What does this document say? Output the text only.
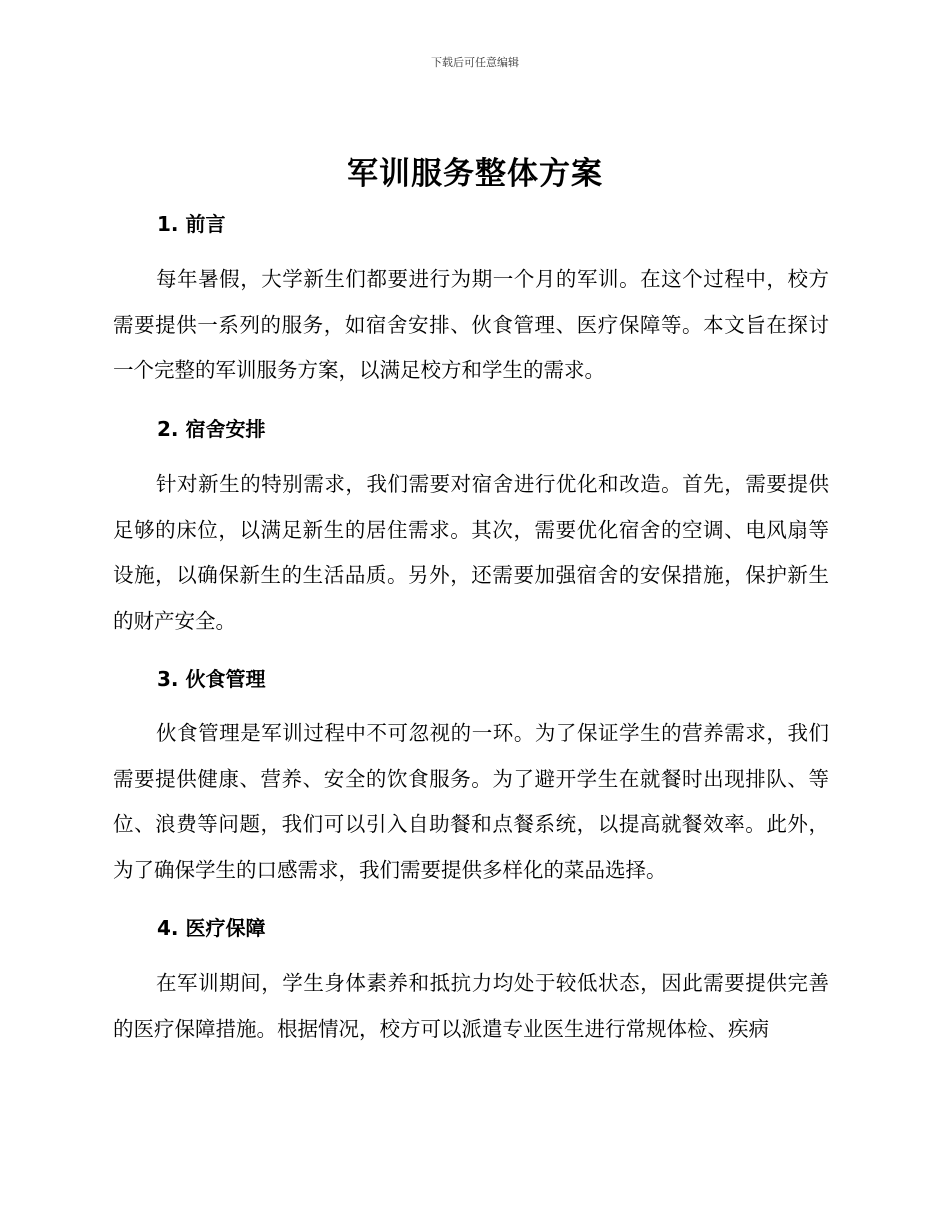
下载后可任意编辑
军训服务整体方案
1. 前言

每年暑假，大学新生们都要进行为期一个月的军训。在这个过程中，校方需要提供一系列的服务，如宿舍安排、伙食管理、医疗保障等。本文旨在探讨一个完整的军训服务方案，以满足校方和学生的需求。

2. 宿舍安排

针对新生的特别需求，我们需要对宿舍进行优化和改造。首先，需要提供足够的床位，以满足新生的居住需求。其次，需要优化宿舍的空调、电风扇等设施，以确保新生的生活品质。另外，还需要加强宿舍的安保措施，保护新生的财产安全。

3. 伙食管理

伙食管理是军训过程中不可忽视的一环。为了保证学生的营养需求，我们需要提供健康、营养、安全的饮食服务。为了避开学生在就餐时出现排队、等位、浪费等问题，我们可以引入自助餐和点餐系统，以提高就餐效率。此外，为了确保学生的口感需求，我们需要提供多样化的菜品选择。

4. 医疗保障

在军训期间，学生身体素养和抵抗力均处于较低状态，因此需要提供完善的医疗保障措施。根据情况，校方可以派遣专业医生进行常规体检、疾病
